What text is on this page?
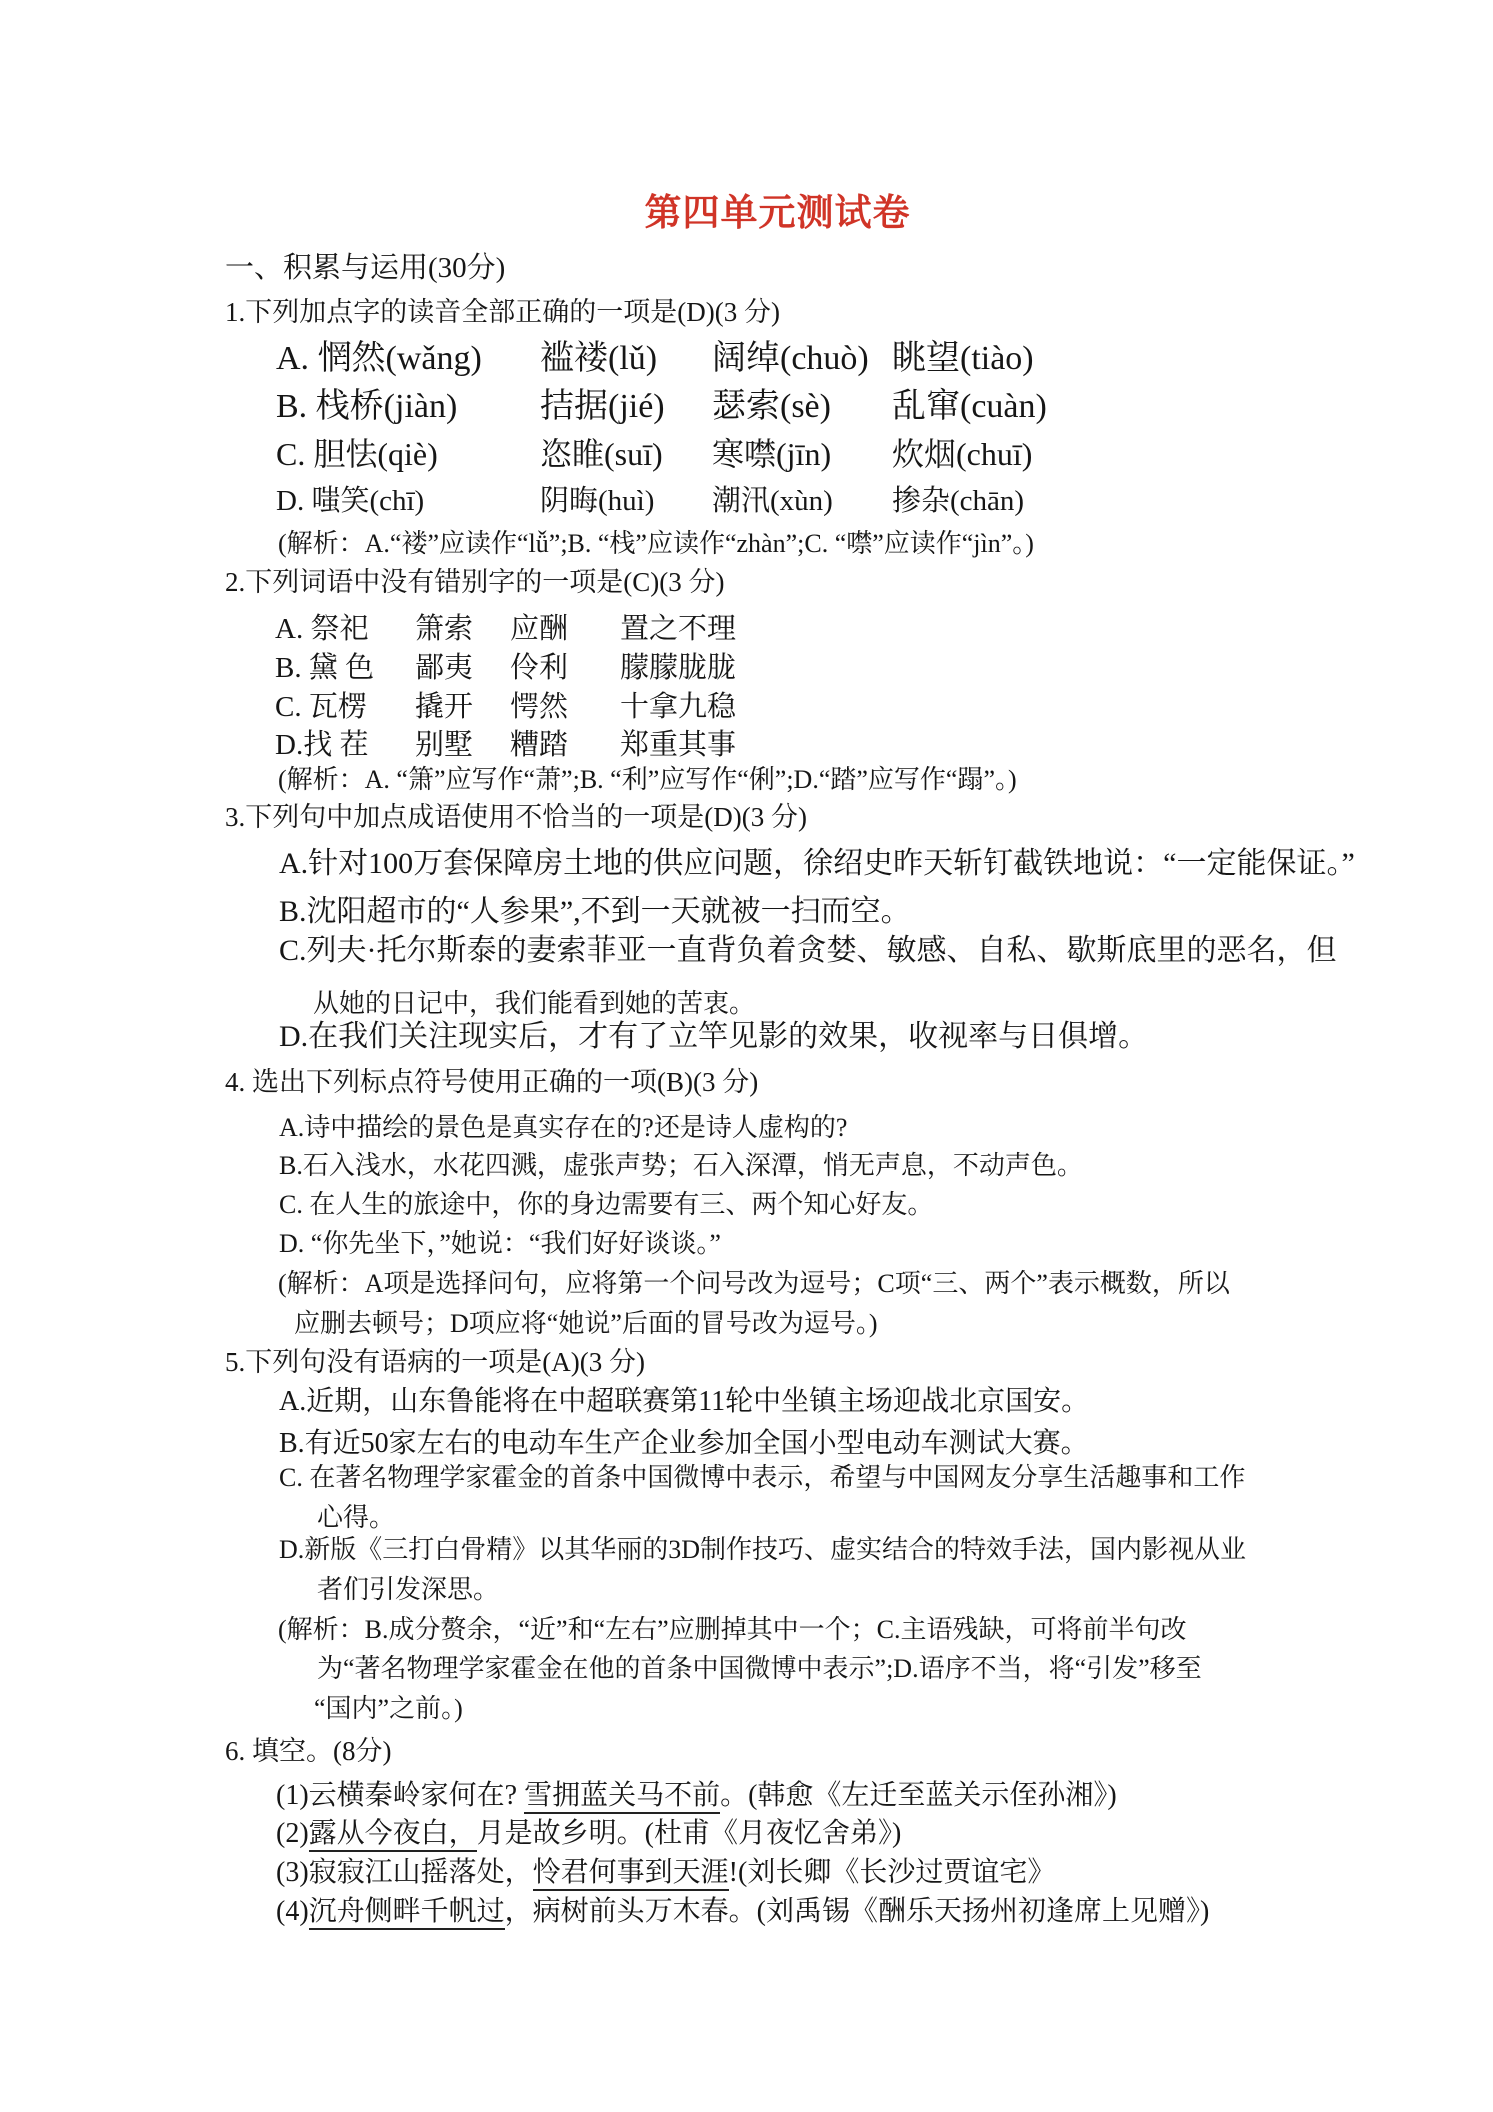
第四单元测试卷
一、积累与运用(30分)
1.下列加点字的读音全部正确的一项是(D)(3 分)
A. 惘然(wǎng)	褴褛(lǔ)	阔绰(chuò) 眺望(tiào)
B. 栈桥(jiàn)	拮据(jié)	瑟索(sè)	乱窜(cuàn)
C. 胆怯(qiè)	恣睢(suī)	寒噤(jīn)	炊烟(chuī)
D. 嗤笑(chī)	阴晦(huì)	潮汛(xùn)	掺杂(chān)
(解析：A.“褛”应读作“lǚ”;B. “栈”应读作“zhàn”;C. “噤”应读作“jìn”。)
2.下列词语中没有错别字的一项是(C)(3 分)
A. 祭祀	箫索	应酬	置之不理
B. 黛 色	鄙夷	伶利	朦朦胧胧
C. 瓦楞	撬开	愕然	十拿九稳
D.找 茬	别墅	糟踏	郑重其事
(解析：A. “箫”应写作“萧”;B. “利”应写作“俐”;D.“踏”应写作“蹋”。)
3.下列句中加点成语使用不恰当的一项是(D)(3 分)
A.针对100万套保障房土地的供应问题，徐绍史昨天斩钉截铁地说：“一定能保证。”
B.沈阳超市的“人参果”,不到一天就被一扫而空。
C.列夫·托尔斯泰的妻索菲亚一直背负着贪婪、敏感、自私、歇斯底里的恶名，但
从她的日记中，我们能看到她的苦衷。
D.在我们关注现实后，才有了立竿见影的效果，收视率与日俱增。
4. 选出下列标点符号使用正确的一项(B)(3 分)
A.诗中描绘的景色是真实存在的?还是诗人虚构的?
B.石入浅水，水花四溅，虚张声势；石入深潭，悄无声息，不动声色。
C. 在人生的旅途中，你的身边需要有三、两个知心好友。
D. “你先坐下，”她说：“我们好好谈谈。”
(解析：A项是选择问句，应将第一个问号改为逗号；C项“三、两个”表示概数，所以
应删去顿号；D项应将“她说”后面的冒号改为逗号。)
5.下列句没有语病的一项是(A)(3 分)
A.近期，山东鲁能将在中超联赛第11轮中坐镇主场迎战北京国安。
B.有近50家左右的电动车生产企业参加全国小型电动车测试大赛。
C. 在著名物理学家霍金的首条中国微博中表示，希望与中国网友分享生活趣事和工作
心得。
D.新版《三打白骨精》以其华丽的3D制作技巧、虚实结合的特效手法，国内影视从业
者们引发深思。
(解析：B.成分赘余，“近”和“左右”应删掉其中一个；C.主语残缺，可将前半句改
为“著名物理学家霍金在他的首条中国微博中表示”;D.语序不当，将“引发”移至
“国内”之前。)
6. 填空。(8分)
(1)云横秦岭家何在? 雪拥蓝关马不前。(韩愈《左迁至蓝关示侄孙湘》)
(2)露从今夜白，月是故乡明。(杜甫《月夜忆舍弟》)
(3)寂寂江山摇落处，怜君何事到天涯!(刘长卿《长沙过贾谊宅》
(4)沉舟侧畔千帆过，病树前头万木春。(刘禹锡《酬乐天扬州初逢席上见赠》)
